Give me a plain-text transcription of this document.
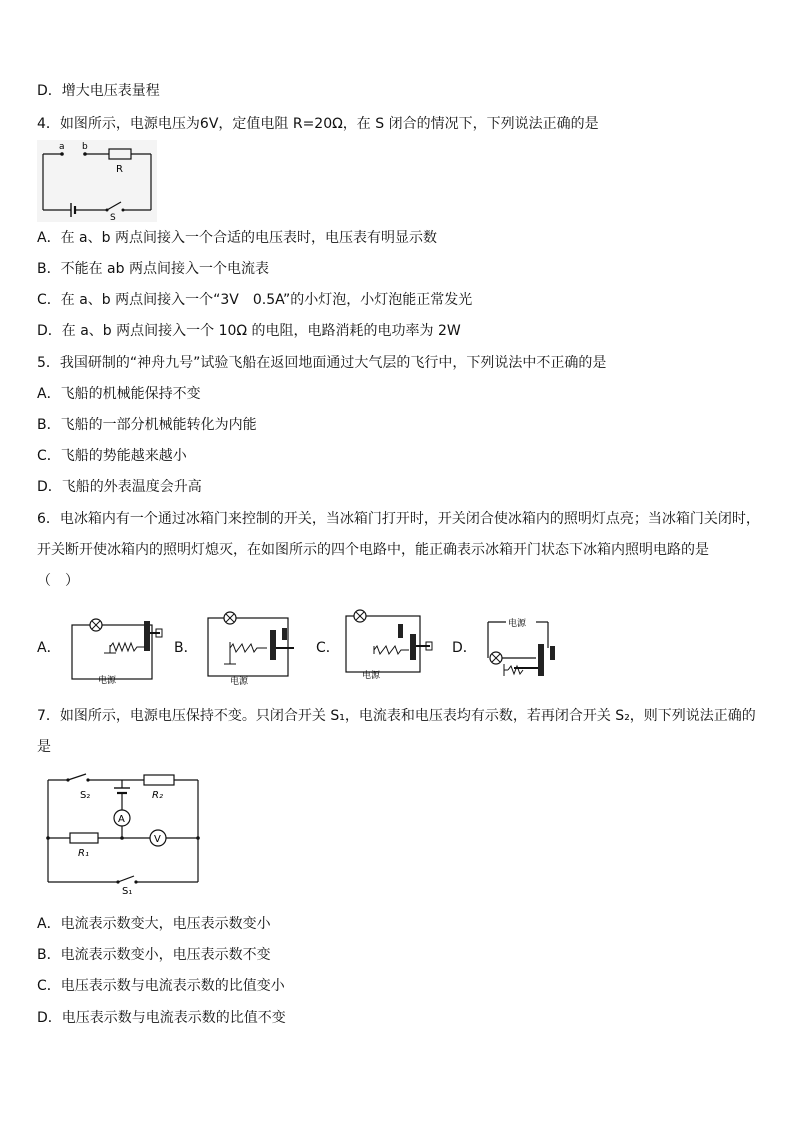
D．增大电压表量程
4．如图所示，电源电压为6V，定值电阻 R=20Ω，在 S 闭合的情况下，下列说法正确的是
a b
R
S
A．在 a、b 两点间接入一个合适的电压表时，电压表有明显示数
B．不能在 ab 两点间接入一个电流表
C．在 a、b 两点间接入一个“3V　0.5A”的小灯泡，小灯泡能正常发光
D．在 a、b 两点间接入一个 10Ω 的电阻，电路消耗的电功率为 2W
5．我国研制的“神舟九号”试验飞船在返回地面通过大气层的飞行中，下列说法中不正确的是
A．飞船的机械能保持不变
B．飞船的一部分机械能转化为内能
C．飞船的势能越来越小
D．飞船的外表温度会升高
6．电冰箱内有一个通过冰箱门来控制的开关，当冰箱门打开时，开关闭合使冰箱内的照明灯点亮；当冰箱门关闭时，
开关断开使冰箱内的照明灯熄灭，在如图所示的四个电路中，能正确表示冰箱开门状态下冰箱内照明电路的是
（　）
A．
电源
B．
电源
C．
电源
D．
电源
7．如图所示，电源电压保持不变。只闭合开关 S₁，电流表和电压表均有示数，若再闭合开关 S₂，则下列说法正确的
是
A
V
S₂	R₂
R₁
S₁
A．电流表示数变大，电压表示数变小
B．电流表示数变小，电压表示数不变
C．电压表示数与电流表示数的比值变小
D．电压表示数与电流表示数的比值不变
